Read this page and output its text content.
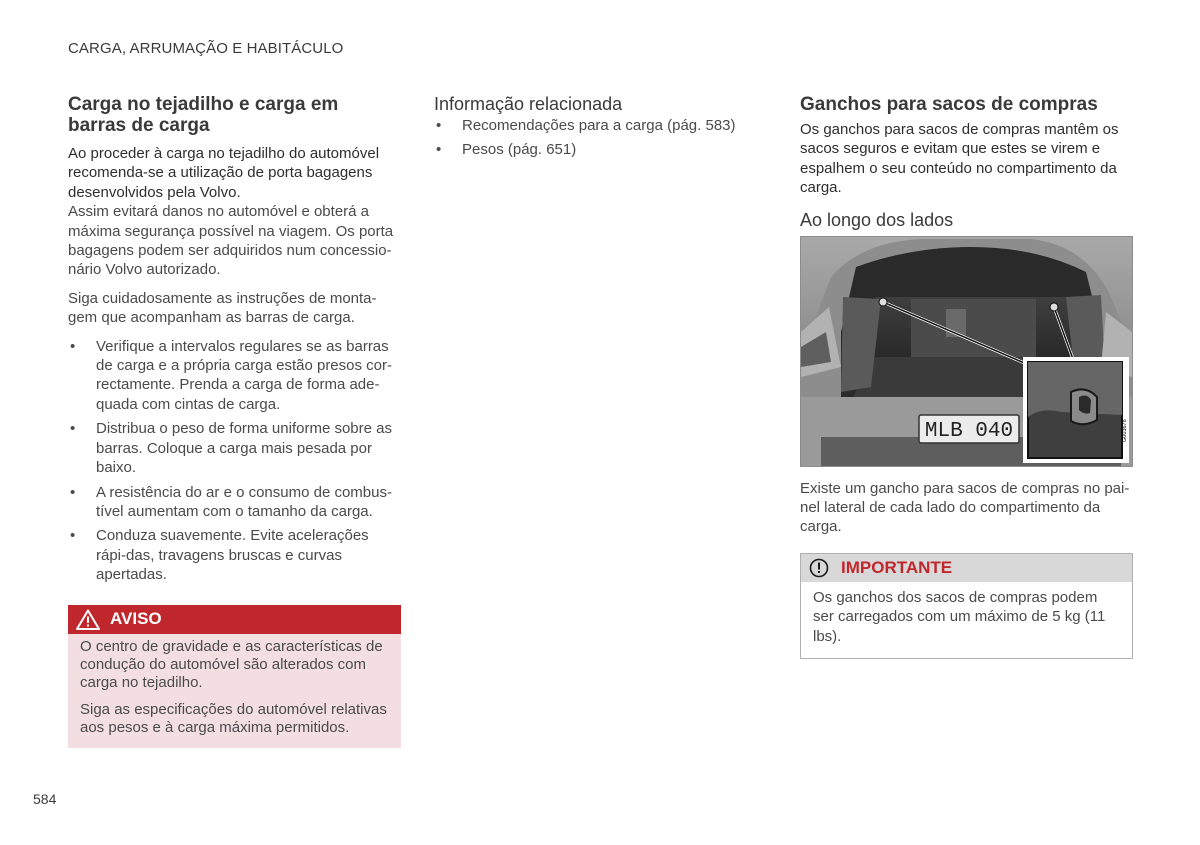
CARGA, ARRUMAÇÃO E HABITÁCULO
Carga no tejadilho e carga em barras de carga

Ao proceder à carga no tejadilho do automóvel recomenda-se a utilização de porta bagagens desenvolvidos pela Volvo.

Assim evitará danos no automóvel e obterá a máxima segurança possível na viagem. Os porta bagagens podem ser adquiridos num concessio-nário Volvo autorizado.

Siga cuidadosamente as instruções de monta-gem que acompanham as barras de carga.

• Verifique a intervalos regulares se as barras de carga e a própria carga estão presos cor-rectamente. Prenda a carga de forma ade-quada com cintas de carga.
• Distribua o peso de forma uniforme sobre as barras. Coloque a carga mais pesada por baixo.
• A resistência do ar e o consumo de combus-tível aumentam com o tamanho da carga.
• Conduza suavemente. Evite acelerações rápi-das, travagens bruscas e curvas apertadas.
AVISO

O centro de gravidade e as características de condução do automóvel são alterados com carga no tejadilho.

Siga as especificações do automóvel relativas aos pesos e à carga máxima permitidos.

Informação relacionada
• Recomendações para a carga (pág. 583)
• Pesos (pág. 651)
Ganchos para sacos de compras

Os ganchos para sacos de compras mantêm os sacos seguros e evitam que estes se virem e espalhem o seu conteúdo no compartimento da carga.

Ao longo dos lados
MLB 040	G003678

Existe um gancho para sacos de compras no pai-nel lateral de cada lado do compartimento da carga.

IMPORTANTE

Os ganchos dos sacos de compras podem ser carregados com um máximo de 5 kg (11 lbs).

584
